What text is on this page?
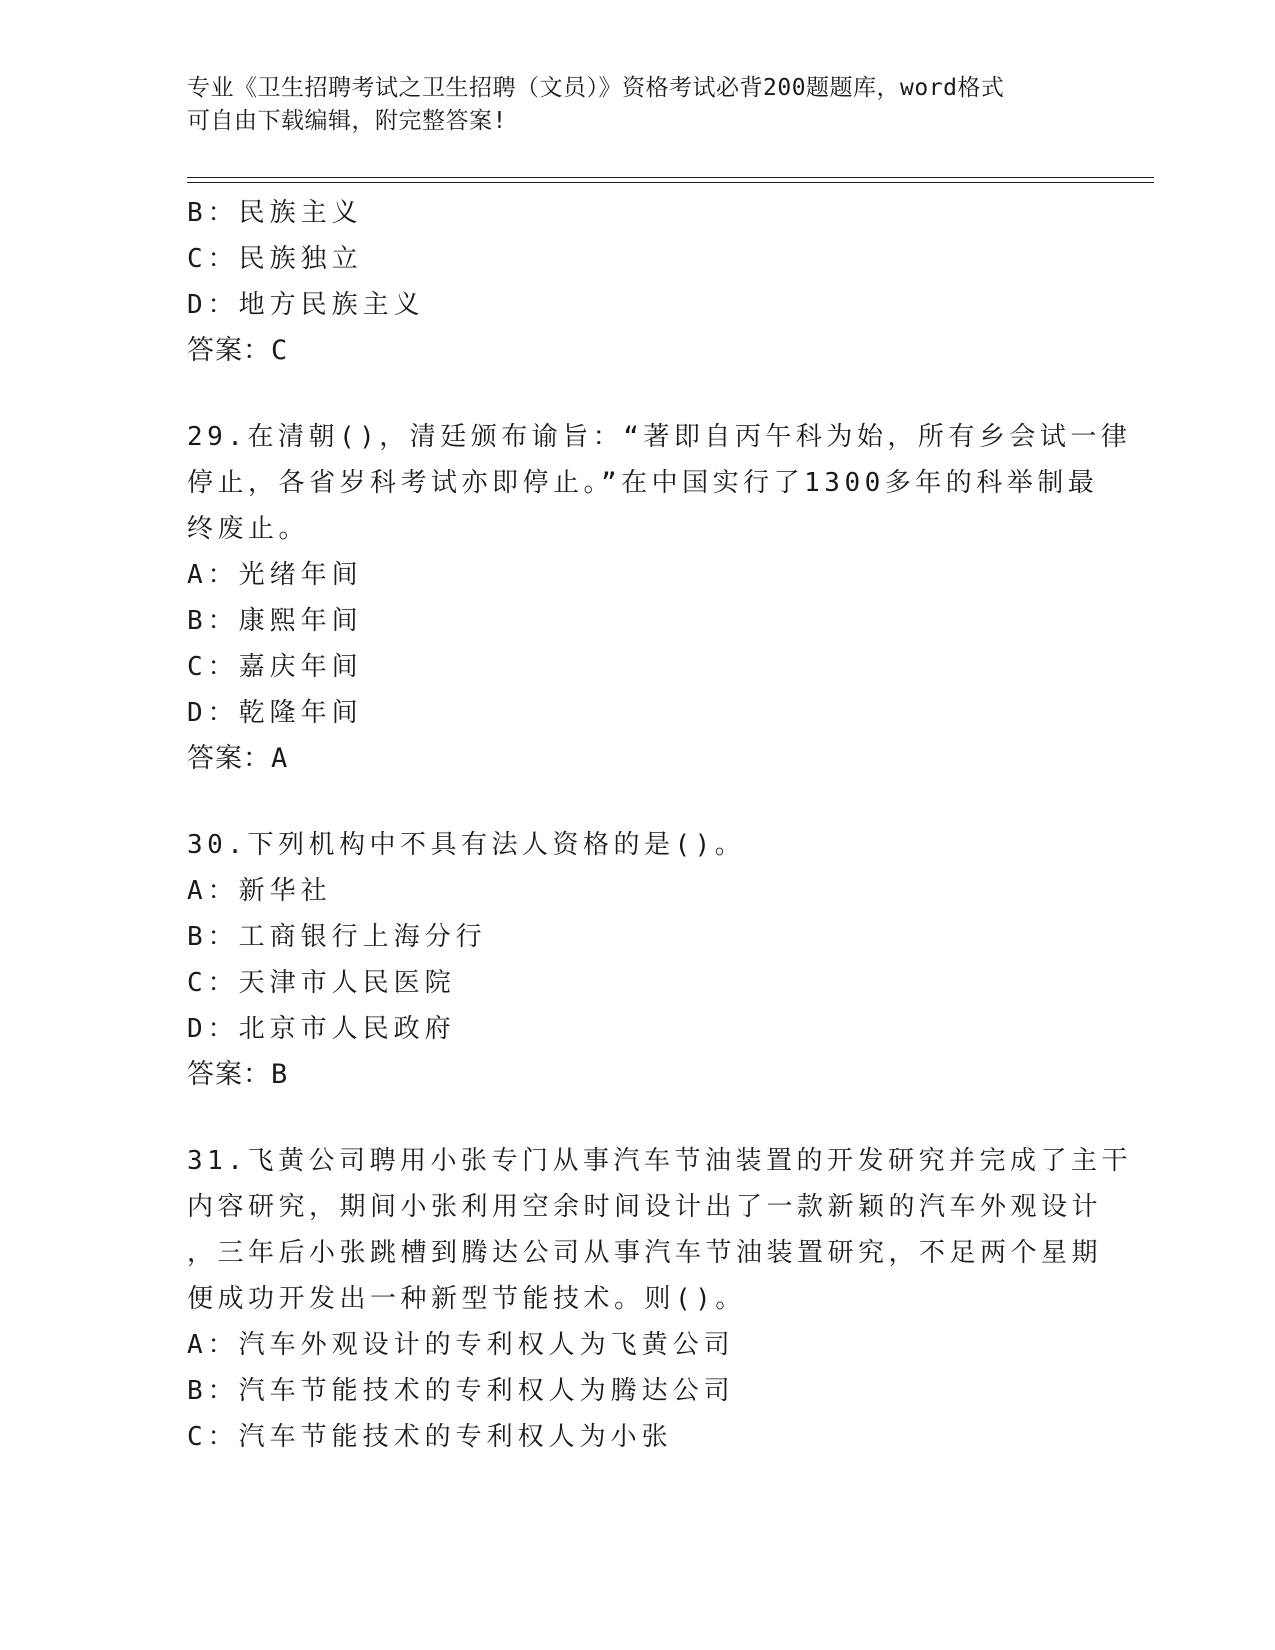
专业《卫生招聘考试之卫生招聘（文员）》资格考试必背200题题库，word格式
可自由下载编辑，附完整答案!
B：民族主义
C：民族独立
D：地方民族主义
答案：C
29.在清朝()，清廷颁布谕旨：“著即自丙午科为始，所有乡会试一律
停止，各省岁科考试亦即停止。”在中国实行了1300多年的科举制最
终废止。
A：光绪年间
B：康熙年间
C：嘉庆年间
D：乾隆年间
答案：A
30.下列机构中不具有法人资格的是()。
A：新华社
B：工商银行上海分行
C：天津市人民医院
D：北京市人民政府
答案：B
31.飞黄公司聘用小张专门从事汽车节油装置的开发研究并完成了主干
内容研究，期间小张利用空余时间设计出了一款新颖的汽车外观设计
，三年后小张跳槽到腾达公司从事汽车节油装置研究，不足两个星期
便成功开发出一种新型节能技术。则()。
A：汽车外观设计的专利权人为飞黄公司
B：汽车节能技术的专利权人为腾达公司
C：汽车节能技术的专利权人为小张
